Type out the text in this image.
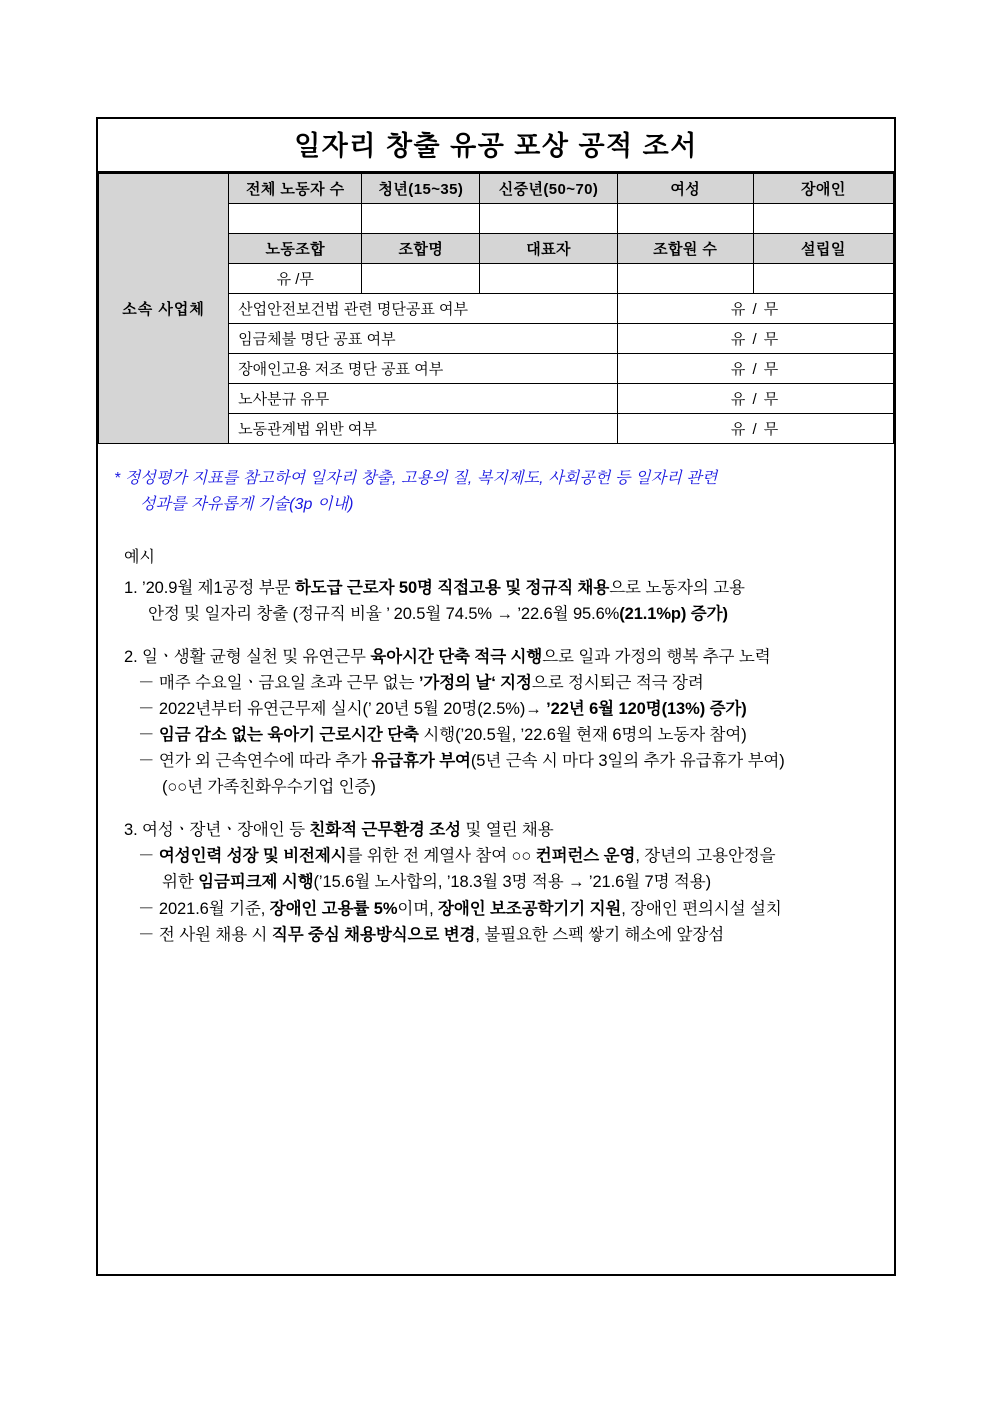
일자리 창출 유공 포상 공적 조서
소속 사업체	전체 노동자 수	청년(15~35)	신중년(50~70)	여성	장애인

	노동조합	조합명	대표자	조합원 수	설립일
	유 /무				
	산업안전보건법 관련 명단공표 여부			유 / 무	
	임금체불 명단 공표 여부			유 / 무	
	장애인고용 저조 명단 공표 여부			유 / 무	
	노사분규 유무			유 / 무	
	노동관계법 위반 여부			유 / 무	
* 정성평가 지표를 참고하여 일자리 창출, 고용의 질, 복지제도, 사회공헌 등 일자리 관련
성과를 자유롭게 기술(3p 이내)
예시
1. ’20.9월 제1공정 부문 하도급 근로자 50명 직접고용 및 정규직 채용으로 노동자의 고용
안정 및 일자리 창출 (정규직 비율 ’ 20.5월 74.5% → ’22.6월 95.6%(21.1%p) 증가)
2. 일ㆍ생활 균형 실천 및 유연근무 육아시간 단축 적극 시행으로 일과 가정의 행복 추구 노력
－ 매주 수요일ㆍ금요일 초과 근무 없는 ’가정의 날‘ 지정으로 정시퇴근 적극 장려
－ 2022년부터 유연근무제 실시(’ 20년 5월 20명(2.5%)→ ’22년 6월 120명(13%) 증가)
－ 임금 감소 없는 육아기 근로시간 단축 시행(’20.5월, ’22.6월 현재 6명의 노동자 참여)
－ 연가 외 근속연수에 따라 추가 유급휴가 부여(5년 근속 시 마다 3일의 추가 유급휴가 부여)
(○○년 가족친화우수기업 인증)
3. 여성ㆍ장년ㆍ장애인 등 친화적 근무환경 조성 및 열린 채용
－ 여성인력 성장 및 비전제시를 위한 전 계열사 참여 ○○ 컨퍼런스 운영, 장년의 고용안정을
위한 임금피크제 시행(’15.6월 노사합의, ’18.3월 3명 적용 → ’21.6월 7명 적용)
－ 2021.6월 기준, 장애인 고용률 5%이며, 장애인 보조공학기기 지원, 장애인 편의시설 설치
－ 전 사원 채용 시 직무 중심 채용방식으로 변경, 불필요한 스펙 쌓기 해소에 앞장섬
